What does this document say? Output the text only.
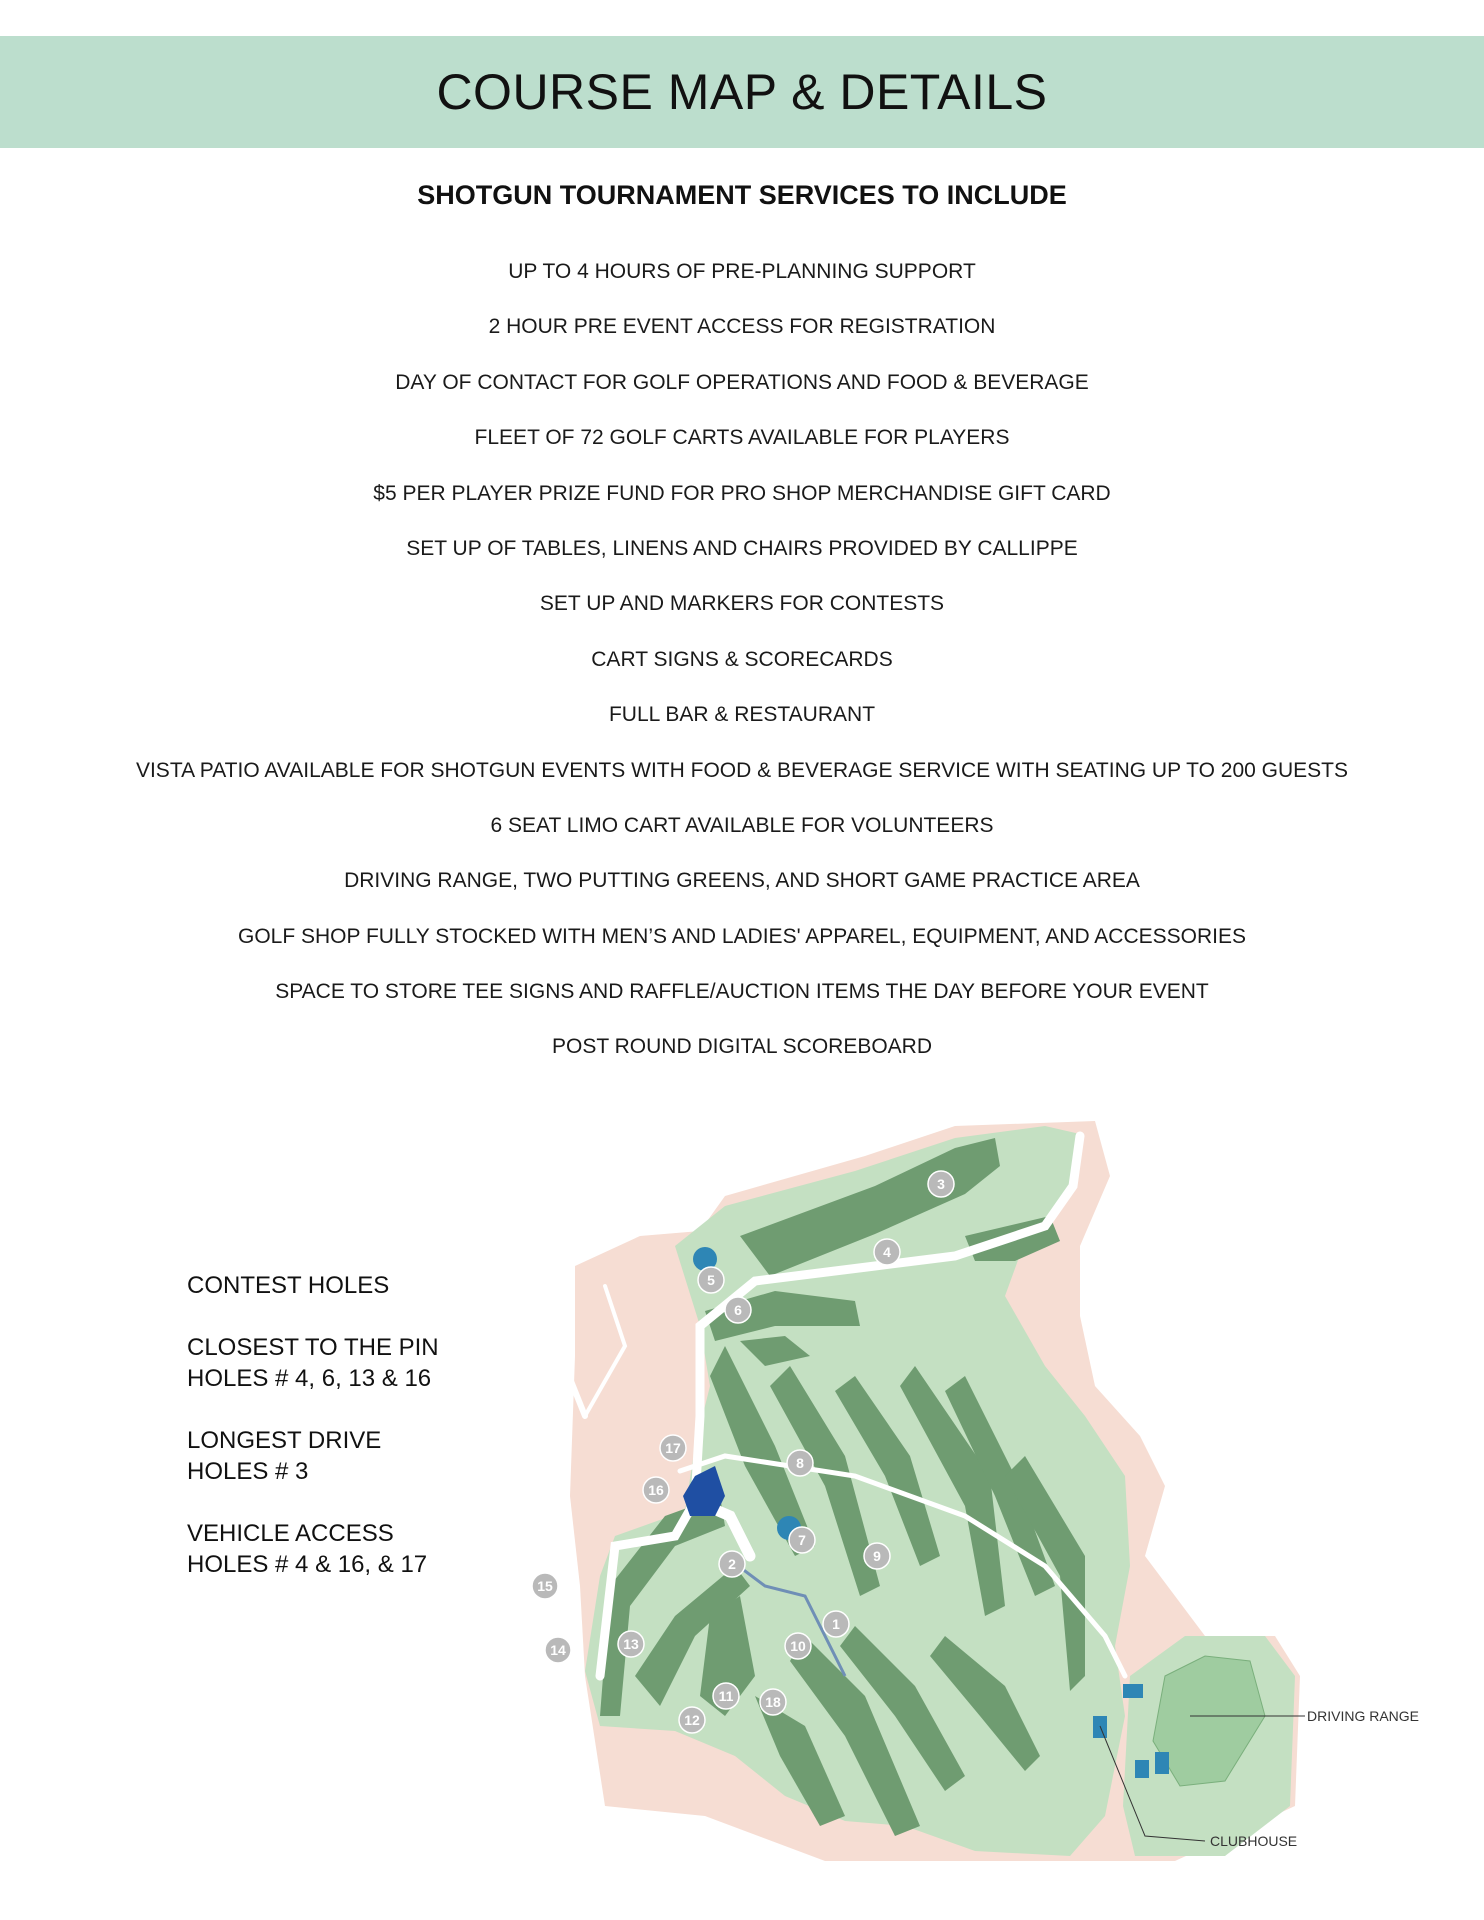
COURSE MAP & DETAILS
SHOTGUN TOURNAMENT SERVICES TO INCLUDE
UP TO 4 HOURS OF PRE-PLANNING SUPPORT
2 HOUR PRE EVENT ACCESS FOR REGISTRATION
DAY OF CONTACT FOR GOLF OPERATIONS AND FOOD & BEVERAGE
FLEET OF 72 GOLF CARTS AVAILABLE FOR PLAYERS
$5 PER PLAYER PRIZE FUND FOR PRO SHOP MERCHANDISE GIFT CARD
SET UP OF TABLES, LINENS AND CHAIRS PROVIDED BY CALLIPPE
SET UP AND MARKERS FOR CONTESTS
CART SIGNS & SCORECARDS
FULL BAR & RESTAURANT
VISTA PATIO AVAILABLE FOR SHOTGUN EVENTS WITH FOOD & BEVERAGE SERVICE WITH SEATING UP TO 200 GUESTS
6 SEAT LIMO CART AVAILABLE FOR VOLUNTEERS
DRIVING RANGE, TWO PUTTING GREENS, AND SHORT GAME PRACTICE AREA
GOLF SHOP FULLY STOCKED WITH MEN’S AND LADIES' APPAREL, EQUIPMENT, AND ACCESSORIES
SPACE TO STORE TEE SIGNS AND RAFFLE/AUCTION ITEMS THE DAY BEFORE YOUR EVENT
POST ROUND DIGITAL SCOREBOARD
CONTEST HOLES
CLOSEST TO THE PIN
HOLES # 4, 6, 13 & 16
LONGEST DRIVE
HOLES # 3
VEHICLE ACCESS
HOLES # 4 & 16, & 17
DRIVING RANGE
CLUBHOUSE
1
2
3
4
5
6
7
8
9
10
11
12
13
14
15
16
17
18
